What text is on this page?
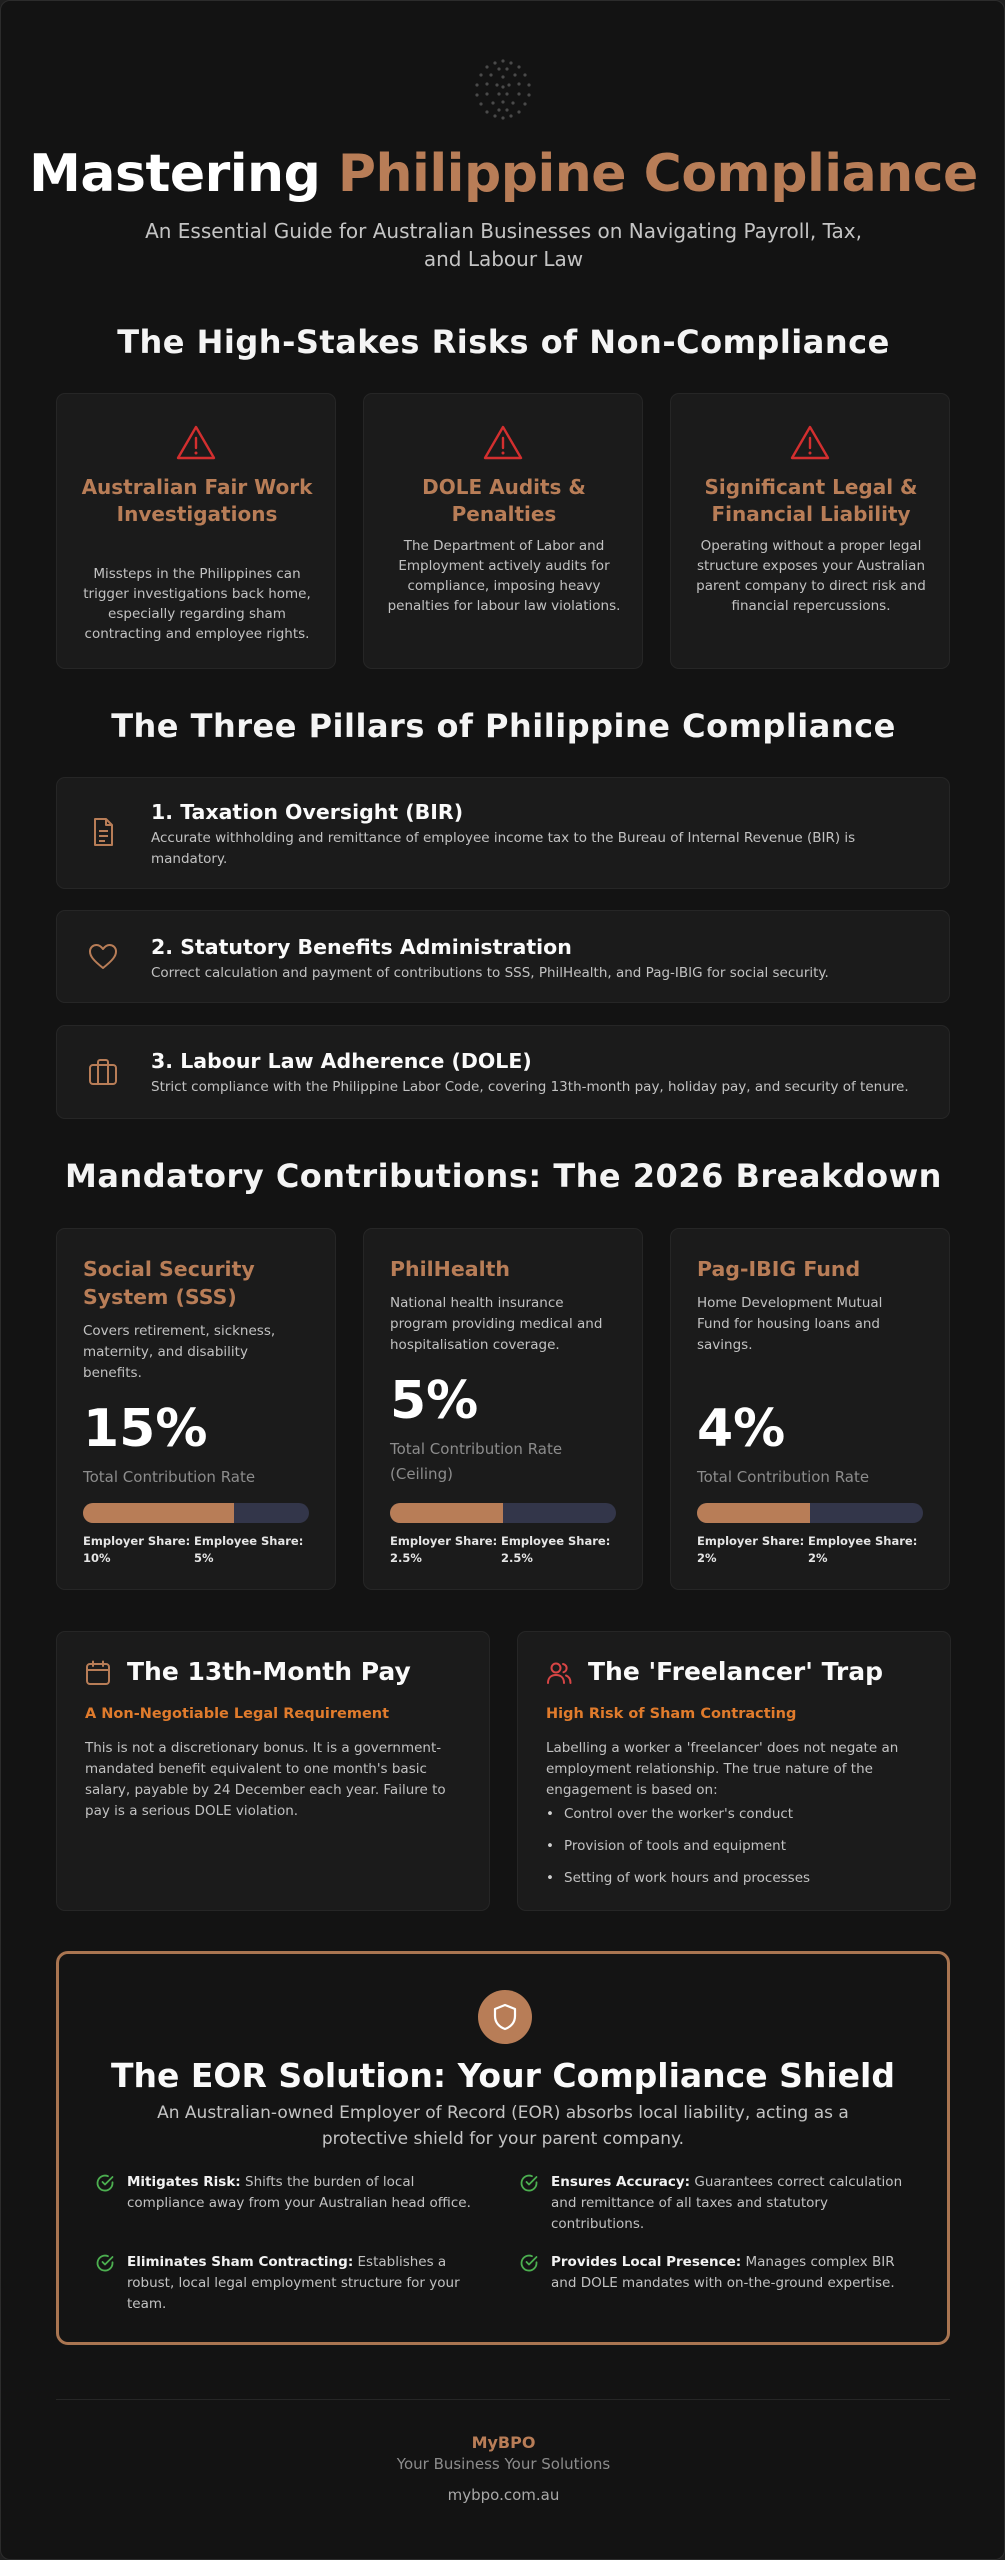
Mastering Philippine Compliance
An Essential Guide for Australian Businesses on Navigating Payroll, Tax, and Labour Law
The High-Stakes Risks of Non-Compliance
Australian Fair Work Investigations
Missteps in the Philippines can trigger investigations back home, especially regarding sham contracting and employee rights.
DOLE Audits & Penalties
The Department of Labor and Employment actively audits for compliance, imposing heavy penalties for labour law violations.
Significant Legal & Financial Liability
Operating without a proper legal structure exposes your Australian parent company to direct risk and financial repercussions.
The Three Pillars of Philippine Compliance
1. Taxation Oversight (BIR)
Accurate withholding and remittance of employee income tax to the Bureau of Internal Revenue (BIR) is mandatory.
2. Statutory Benefits Administration
Correct calculation and payment of contributions to SSS, PhilHealth, and Pag-IBIG for social security.
3. Labour Law Adherence (DOLE)
Strict compliance with the Philippine Labor Code, covering 13th-month pay, holiday pay, and security of tenure.
Mandatory Contributions: The 2026 Breakdown
Social Security System (SSS)
Covers retirement, sickness, maternity, and disability benefits.
15%
Total Contribution Rate
Employer Share: 10%
Employee Share: 5%
PhilHealth
National health insurance program providing medical and hospitalisation coverage.
5%
Total Contribution Rate (Ceiling)
Employer Share: 2.5%
Employee Share: 2.5%
Pag-IBIG Fund
Home Development Mutual Fund for housing loans and savings.
4%
Total Contribution Rate
Employer Share: 2%
Employee Share: 2%
The 13th-Month Pay
A Non-Negotiable Legal Requirement
This is not a discretionary bonus. It is a government-mandated benefit equivalent to one month's basic salary, payable by 24 December each year. Failure to pay is a serious DOLE violation.
The 'Freelancer' Trap
High Risk of Sham Contracting
Labelling a worker a 'freelancer' does not negate an employment relationship. The true nature of the engagement is based on:
• Control over the worker's conduct
• Provision of tools and equipment
• Setting of work hours and processes
The EOR Solution: Your Compliance Shield
An Australian-owned Employer of Record (EOR) absorbs local liability, acting as a protective shield for your parent company.
Mitigates Risk: Shifts the burden of local compliance away from your Australian head office.
Ensures Accuracy: Guarantees correct calculation and remittance of all taxes and statutory contributions.
Eliminates Sham Contracting: Establishes a robust, local legal employment structure for your team.
Provides Local Presence: Manages complex BIR and DOLE mandates with on-the-ground expertise.
MyBPO
Your Business Your Solutions
mybpo.com.au
